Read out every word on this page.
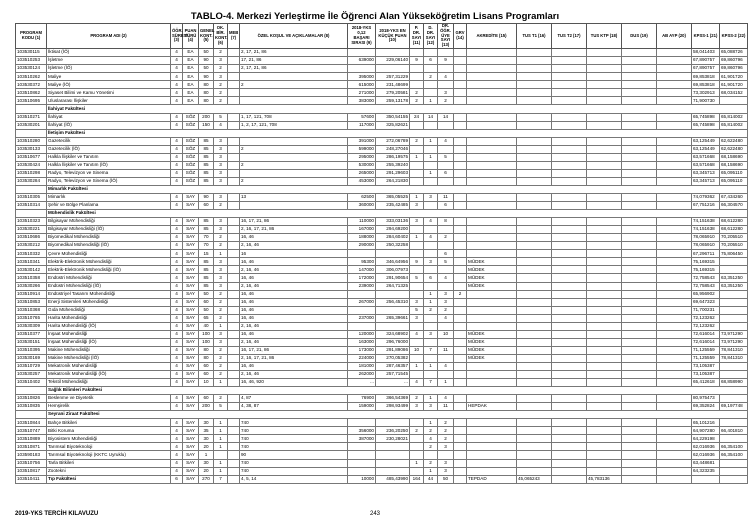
TABLO-4. Merkezi Yerleştirme İle Öğrenci Alan Yükseköğretim Lisans Programları
PROGRAM KODU (1)	PROGRAM ADI (2)	ÖĞR. SÜRESİ (3)	PUAN TÜRÜ (4)	GENEL KONT. (5)	OK. BİR. KONT. (6)	MEB (7)	ÖZEL KOŞUL VE AÇIKLAMALAR (8)	2018-YKS 0,12 BAŞARI SIRASI (9)	2018-YKS EN KÜÇÜK PUAN (10)	P. DR. SAYI (11)	D. DR. SAYI (12)	DR. ÖĞR. ÜYE SAYI (13)	GRV (14)	AKREDİTE (15)	TUS T1 (16)	TUS T2 (17)	TUS KTP (18)	DUS (19)	AB AYP (20)	KPSS-1 (21)	KPSS-2 (22)
103530115	İktisat (İÖ)	4	EA	50	2		2, 17, 21, 86													58,041403	65,088726
103510253	İşletme	4	EA	90	3		17, 21, 86	639000	229,06140	9	6	9								67,890757	69,860796
103530124	İşletme (İÖ)	4	EA	50	2		2, 17, 21, 86													67,890757	69,860796
103510262	Maliye	4	EA	90	3			395000	257,31229		2	4								69,853818	61,901720
103530372	Maliye (İÖ)	4	EA	80	2		2	615000	231,48699											69,853818	61,901720
103510862	Siyaset Bilimi ve Kamu Yönetimi	4	EA	80	2			271000	279,20581	2		3								73,302913	68,034152
103510695	Uluslararası İlişkiler	4	EA	80	2			383000	259,13178	2	1	2								71,900730	
	İlahiyat Fakültesi																				
103510271	İlahiyat	4	SÖZ	200	5		1, 17, 121, 708	57600	350,54155	24	14	14								65,745898	65,814002
103530201	İlahiyat (İÖ)	4	SÖZ	150	4		1, 2, 17, 121, 708	117000	325,82621											65,745898	65,814002
	İletişim Fakültesi																				
103510280	Gazetecilik	4	SÖZ	85	3			391000	272,06789	2	1	4								63,125449	62,622480
103530133	Gazetecilik (İÖ)	4	SÖZ	85	3		2	599000	248,27046											63,125449	62,622480
103510677	Halkla İlişkiler ve Tanıtım	4	SÖZ	85	3			295000	286,19575	1	1	5								63,571668	68,158690
103530424	Halkla İlişkiler ve Tanıtım (İÖ)	4	SÖZ	85	3		2	530000	255,39240											63,571668	68,158690
103510298	Radyo, Televizyon ve Sinema	4	SÖZ	85	3			265000	291,29603		1	6								63,345713	65,095110
103530284	Radyo, Televizyon ve Sinema (İÖ)	4	SÖZ	85	3		2	453000	264,21830											63,345713	65,095110
	Mimarlık Fakültesi																				
103510305	Mimarlık	4	SAY	90	3		13	62500	365,05525	1	3	11								74,079362	67,434260
103510314	Şehir ve Bölge Planlama	4	SAY	60	2			360000	235,42485	3		6								67,751216	66,304570
	Mühendislik Fakültesi																				
103510323	Bilgisayar Mühendisliği	4	SAY	85	3		16, 17, 21, 86	110000	333,03136	3	4	8								74,151638	68,612280
103530221	Bilgisayar Mühendisliği (İÖ)	4	SAY	85	3		2, 16, 17, 21, 86	167000	294,69200											74,151638	68,612280
103510686	Biyomedikal Mühendisliği	4	SAY	70	2		16, 46	188000	284,60402	1	4	2								78,065910	70,205510
103530212	Biyomedikal Mühendisliği (İÖ)	4	SAY	70	2		2, 16, 46	290000	250,32258											78,065910	70,205510
103510332	Çevre Mühendisliği	4	SAY	15	1		16					6								67,296711	75,806450
103510341	Elektrik-Elektronik Mühendisliği	4	SAY	85	3		16, 46	95300	346,64956	9	3	5		MÜDEK						75,169315	
103530142	Elektrik-Elektronik Mühendisliği (İÖ)	4	SAY	85	3		2, 16, 46	147000	306,07973					MÜDEK						75,169315	
103510358	Endüstri Mühendisliği	4	SAY	85	3		16, 46	172000	291,90654	5	6	4		MÜDEK						72,758543	63,351250
103530266	Endüstri Mühendisliği (İÖ)	4	SAY	85	3		2, 16, 46	239000	264,71325					MÜDEK						72,758543	63,351250
103510914	Endüstriyel Tasarım Mühendisliği	4	SAY	50	2		16, 46				1	3	2							65,956902	
103510853	Enerji Sistemleri Mühendisliği	4	SAY	60	2		16, 46	267000	256,45310	3	1	3								69,647323	
103510368	Gıda Mühendisliği	4	SAY	50	2		16, 46			5	2	2								71,700231	
103510765	Harita Mühendisliği	4	SAY	65	2		16, 46	237000	265,39661	3		4								72,123262	
103530309	Harita Mühendisliği (İÖ)	4	SAY	40	1		2, 16, 46													72,123262	
103510377	İnşaat Mühendisliği	4	SAY	100	3		16, 46	120000	324,68902	4	3	10		MÜDEK						72,616014	73,971290
103530151	İnşaat Mühendisliği (İÖ)	4	SAY	100	3		2, 16, 46	163000	296,76000					MÜDEK						72,616014	73,971290
103510395	Makine Mühendisliği	4	SAY	80	2		16, 17, 21, 86	173000	291,89086	10	7	11		MÜDEK						71,125559	78,841310
103530169	Makine Mühendisliği (İÖ)	4	SAY	80	2		2, 16, 17, 21, 86	224000	270,05382					MÜDEK						71,125559	78,841310
103510729	Mekatronik Mühendisliği	4	SAY	60	2		16, 46	181000	287,46357	1	1	4								73,105387	
103530257	Mekatronik Mühendisliği (İÖ)	4	SAY	60	2		2, 16, 46	262000	257,71545											73,105387	
103510402	Tekstil Mühendisliği	4	SAY	10	1		16, 46, 920	...	...	4	7	1								65,412618	68,858990
	Sağlık Bilimleri Fakültesi																				
103510826	Beslenme ve Diyetetik	4	SAY	60	2		4, 87	76900	366,54369	2	1	4								80,975473	
103510835	Hemşirelik	4	SAY	200	5		4, 38, 87	159000	298,93499	3	3	11		HEPDAK						69,352824	69,197748
	Seyrani Ziraat Fakültesi																				
103510844	Bahçe Bitkileri	4	SAY	30	1		740				1	2								65,101216	
103510747	Bitki Koruma	4	SAY	35	1		740	356000	236,20250	2	2	2								64,907280	66,401810
103510889	Biyosistem Mühendisliği	4	SAY	30	1		740	387000	230,28021		4	2								64,229198	
103510871	Tarımsal Biyoteknoloji	4	SAY	20	1		740				2	3								62,016936	66,354100
103590183	Tarımsal Biyoteknoloji (KKTC Uyruklu)	4	SAY	1			90													62,016936	66,354100
103510756	Tarla Bitkileri	4	SAY	30	1		740			1	2	3								63,448681	
103510817	Zootekni	4	SAY	20	1		740				1	3								64,323235	
103510411	Tıp Fakültesi	6	SAY	270	7		4, 5, 14	10000	485,43990	164	44	50		TEPDAD	45,065243		45,783136				
2019-YKS TERCİH KILAVUZU	243
